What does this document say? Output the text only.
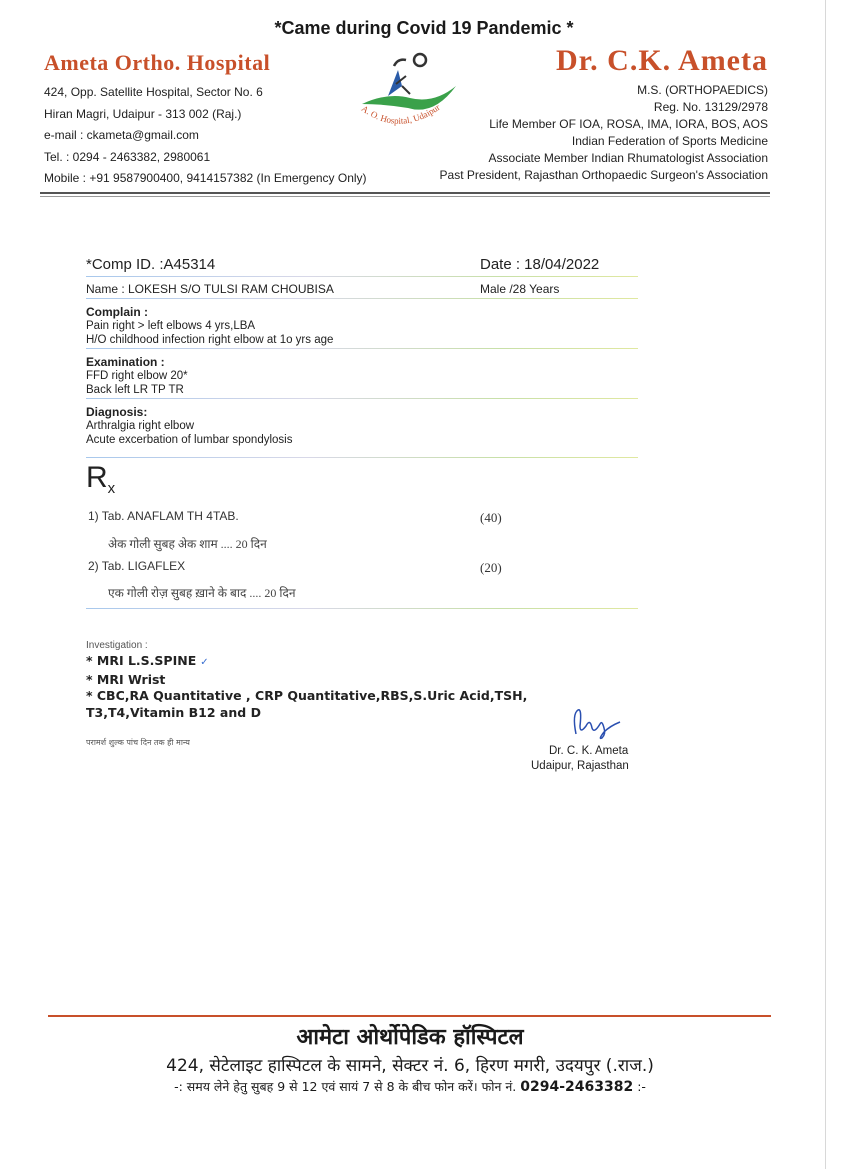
*Came during Covid 19 Pandemic *
Ameta Ortho. Hospital
424, Opp. Satellite Hospital, Sector No. 6
Hiran Magri, Udaipur - 313 002 (Raj.)
e-mail : ckameta@gmail.com
Tel. : 0294 - 2463382, 2980061
Mobile : +91 9587900400, 9414157382 (In Emergency Only)
A. O. Hospital, Udaipur
Dr. C.K. Ameta
M.S. (ORTHOPAEDICS)
Reg. No. 13129/2978
Life Member OF IOA, ROSA, IMA, IORA, BOS, AOS
Indian Federation of Sports Medicine
Associate Member Indian Rhumatologist Association
Past President, Rajasthan Orthopaedic Surgeon's Association
*Comp ID. :A45314	Date : 18/04/2022
Name : LOKESH S/O TULSI RAM CHOUBISA	Male /28 Years
Complain :
Pain right > left elbows 4 yrs,LBA
H/O childhood infection right elbow at 1o yrs age
Examination :
FFD right elbow 20*
Back left LR TP TR
Diagnosis:
Arthralgia right elbow
Acute excerbation of lumbar spondylosis
$R_x$
1) Tab. ANAFLAM TH 4TAB.	(40)
अेक गोली सुबह अेक शाम .... 20 दिन
2) Tab. LIGAFLEX	(20)
एक गोली रोज़ सुबह ख़ाने के बाद .... 20 दिन
Investigation :
* MRI L.S.SPINE ✓
* MRI Wrist
* CBC,RA Quantitative , CRP Quantitative,RBS,S.Uric Acid,TSH,
T3,T4,Vitamin B12 and D
परामर्श शुल्क पांच दिन तक ही मान्य
Dr. C. K. Ameta
Udaipur, Rajasthan
आमेटा ओर्थोपेडिक हॉस्पिटल
424, सेटेलाइट हास्पिटल के सामने, सेक्टर नं. 6, हिरण मगरी, उदयपुर (.राज.)
-: समय लेने हेतु सुबह 9 से 12 एवं सायं 7 से 8 के बीच फोन करें। फोन नं. 0294-2463382 :-
